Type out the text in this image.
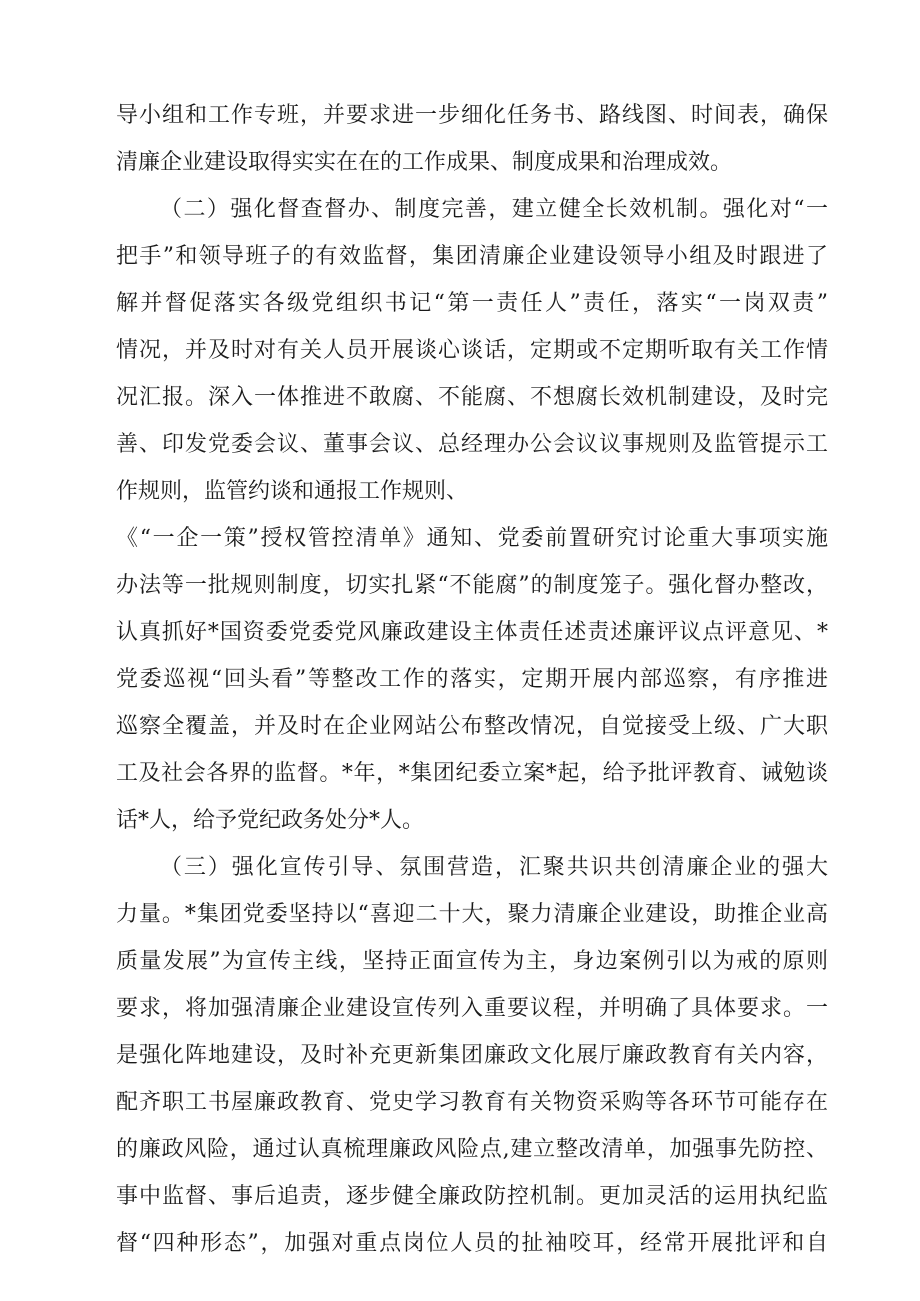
导小组和工作专班，并要求进一步细化任务书、路线图、时间表，确保
清廉企业建设取得实实在在的工作成果、制度成果和治理成效。
（二）强化督查督办、制度完善，建立健全长效机制。强化对“一
把手”和领导班子的有效监督，集团清廉企业建设领导小组及时跟进了
解并督促落实各级党组织书记“第一责任人”责任，落实“一岗双责”
情况，并及时对有关人员开展谈心谈话，定期或不定期听取有关工作情
况汇报。深入一体推进不敢腐、不能腐、不想腐长效机制建设，及时完
善、印发党委会议、董事会议、总经理办公会议议事规则及监管提示工
作规则，监管约谈和通报工作规则、
《“一企一策”授权管控清单》通知、党委前置研究讨论重大事项实施
办法等一批规则制度，切实扎紧“不能腐”的制度笼子。强化督办整改，
认真抓好*国资委党委党风廉政建设主体责任述责述廉评议点评意见、*
党委巡视“回头看”等整改工作的落实，定期开展内部巡察，有序推进
巡察全覆盖，并及时在企业网站公布整改情况，自觉接受上级、广大职
工及社会各界的监督。*年，*集团纪委立案*起，给予批评教育、诫勉谈
话*人，给予党纪政务处分*人。
（三）强化宣传引导、氛围营造，汇聚共识共创清廉企业的强大
力量。*集团党委坚持以“喜迎二十大，聚力清廉企业建设，助推企业高
质量发展”为宣传主线，坚持正面宣传为主，身边案例引以为戒的原则
要求，将加强清廉企业建设宣传列入重要议程，并明确了具体要求。一
是强化阵地建设，及时补充更新集团廉政文化展厅廉政教育有关内容，
配齐职工书屋廉政教育、党史学习教育有关物资采购等各环节可能存在
的廉政风险，通过认真梳理廉政风险点,建立整改清单，加强事先防控、
事中监督、事后追责，逐步健全廉政防控机制。更加灵活的运用执纪监
督“四种形态”，加强对重点岗位人员的扯袖咬耳，经常开展批评和自
